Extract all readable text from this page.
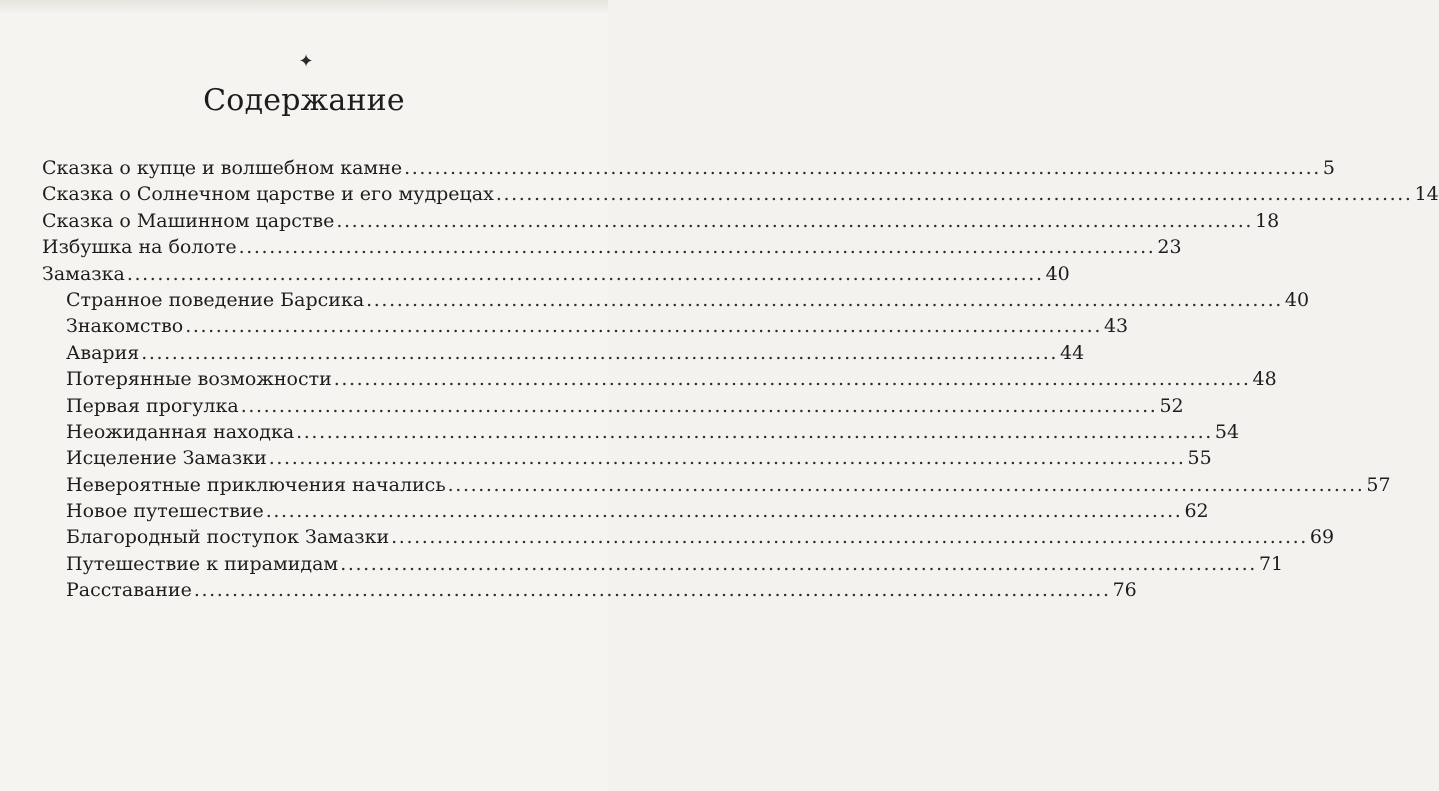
✦
Содержание
Сказка о купце и волшебном камне ........................................................................................................................ 5
Сказка о Солнечном царстве и его мудрецах ........................................................................................................................ 14
Сказка о Машинном царстве ........................................................................................................................ 18
Избушка на болоте ........................................................................................................................ 23
Замазка ........................................................................................................................ 40
Странное поведение Барсика ........................................................................................................................ 40
Знакомство ........................................................................................................................ 43
Авария ........................................................................................................................ 44
Потерянные возможности ........................................................................................................................ 48
Первая прогулка ........................................................................................................................ 52
Неожиданная находка ........................................................................................................................ 54
Исцеление Замазки ........................................................................................................................ 55
Невероятные приключения начались ........................................................................................................................ 57
Новое путешествие ........................................................................................................................ 62
Благородный поступок Замазки ........................................................................................................................ 69
Путешествие к пирамидам ........................................................................................................................ 71
Расставание ........................................................................................................................ 76
